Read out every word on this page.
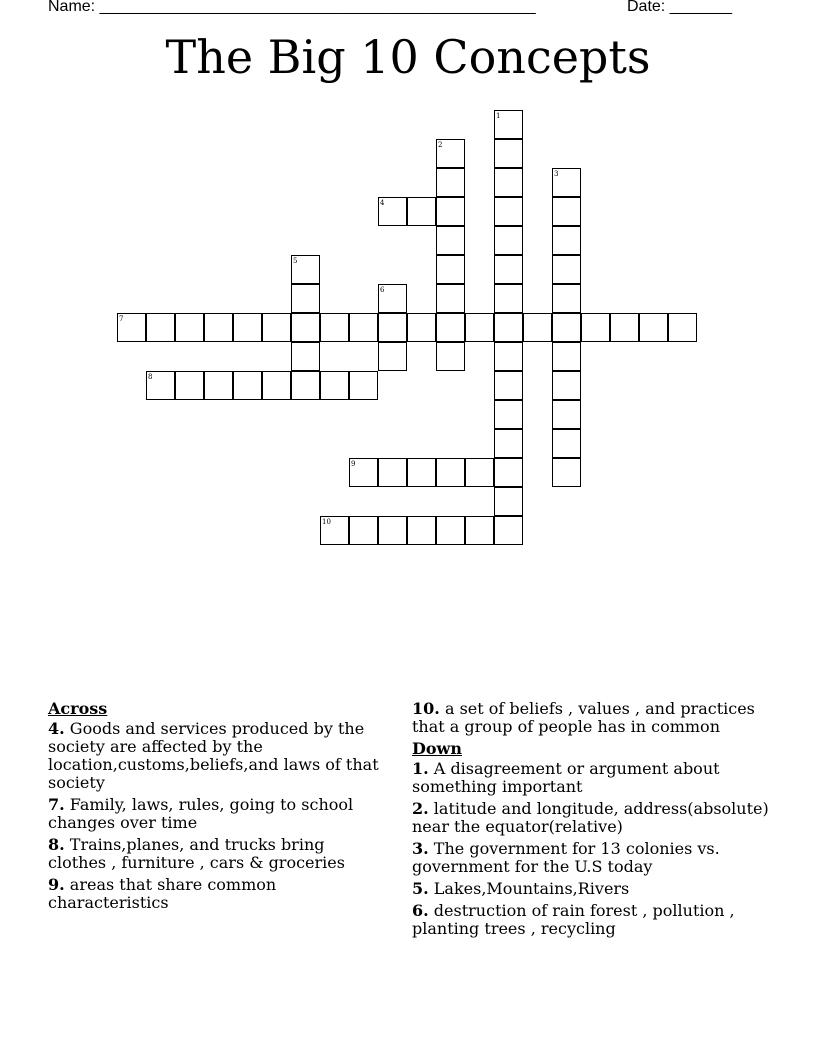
Name: _________________________________________________	Date: _______
The Big 10 Concepts
1
2
3
4
5
6
7
8
9
10

Across

4. Goods and services produced by the society are affected by the location,customs,beliefs,and laws of that society

7. Family, laws, rules, going to school changes over time

8. Trains,planes, and trucks bring clothes , furniture , cars & groceries

9. areas that share common characteristics

10. a set of beliefs , values , and practices that a group of people has in common

Down

1. A disagreement or argument about something important

2. latitude and longitude, address(absolute) near the equator(relative)

3. The government for 13 colonies vs. government for the U.S today

5. Lakes,Mountains,Rivers

6. destruction of rain forest , pollution , planting trees , recycling
